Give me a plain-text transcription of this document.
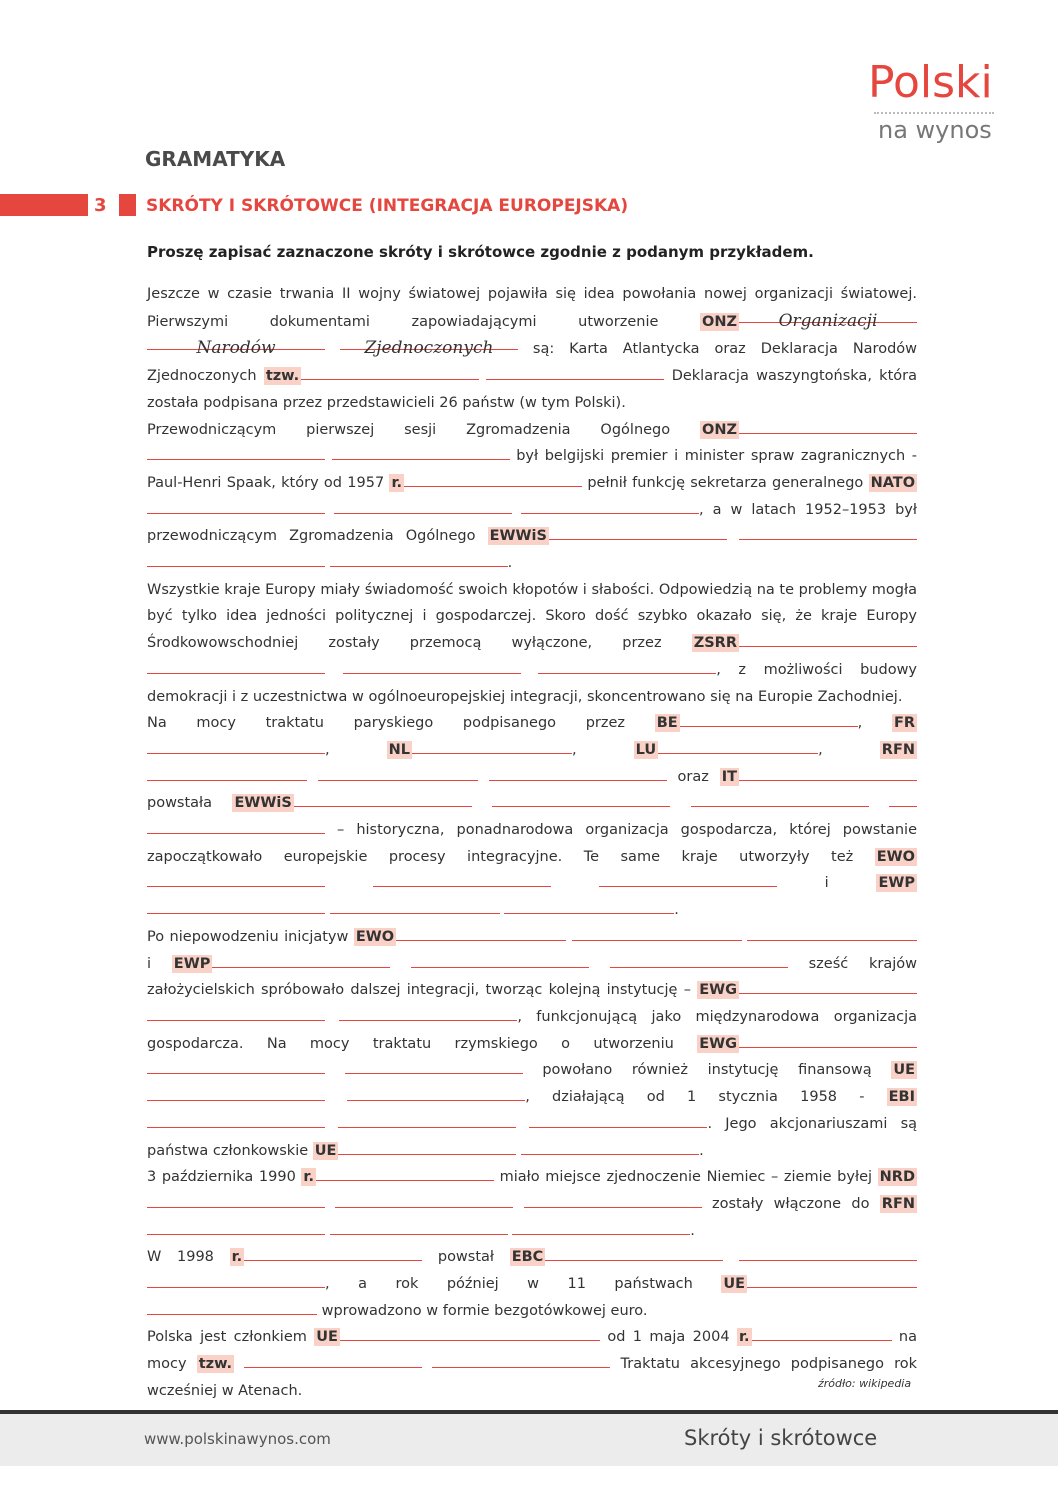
Polski
na wynos
GRAMATYKA
3 SKRÓTY I SKRÓTOWCE (INTEGRACJA EUROPEJSKA)
Proszę zapisać zaznaczone skróty i skrótowce zgodnie z podanym przykładem.

Jeszcze w czasie trwania II wojny światowej pojawiła się idea powołania nowej organizacji światowej. Pierwszymi dokumentami zapowiadającymi utworzenie	ONZ Organizacji Narodów	Zjednoczonych	są: Karta Atlantycka oraz Deklaracja Narodów Zjednoczonych tzw.	Deklaracja waszyngtońska, która została podpisana przez przedstawicieli 26 państw (w tym Polski).

Przewodniczącym pierwszej sesji Zgromadzenia Ogólnego ONZ   był belgijski premier i minister spraw zagranicznych - Paul-Henri Spaak, który od 1957 r.	pełnił funkcję sekretarza generalnego NATO  , a w latach 1952–1953 był przewodniczącym Zgromadzenia Ogólnego EWWiS   .

Wszystkie kraje Europy miały świadomość swoich kłopotów i słabości. Odpowiedzią na te problemy mogła być tylko idea jedności politycznej i gospodarczej. Skoro dość szybko okazało się, że kraje Europy Środkowowschodniej zostały przemocą wyłączone, przez ZSRR   , z możliwości budowy demokracji i z uczestnictwa w ogólnoeuropejskiej integracji, skoncentrowano się na Europie Zachodniej.

Na mocy traktatu paryskiego podpisanego przez BE	, FR, NL	, LU	, RFN   oraz IT powstała EWWiS     – historyczna, ponadnarodowa organizacja gospodarcza, której powstanie zapoczątkowało europejskie procesy integracyjne. Te same kraje utworzyły też EWO   i	EWP  .

Po niepowodzeniu inicjatyw EWO   i EWP	sześć krajów założycielskich spróbowało dalszej integracji, tworząc kolejną instytucję – EWG  , funkcjonującą jako międzynarodowa organizacja gospodarcza. Na mocy traktatu rzymskiego o utworzeniu EWG   powołano również instytucję finansową UE , działającą od 1 stycznia 1958 - EBI   . Jego akcjonariuszami są państwa członkowskie UE	.

3 października 1990 r.	miało miejsce zjednoczenie Niemiec – ziemie byłej NRD   zostały włączone do RFN  .

W 1998 r.	powstał EBC  , a rok później w 11 państwach UE  wprowadzono w formie bezgotówkowej euro.

Polska jest członkiem UE	od 1 maja 2004 r.	na mocy tzw.	Traktatu akcesyjnego podpisanego rok wcześniej w Atenach.	źródło: wikipedia
www.polskinawynos.com	Skróty i skrótowce
